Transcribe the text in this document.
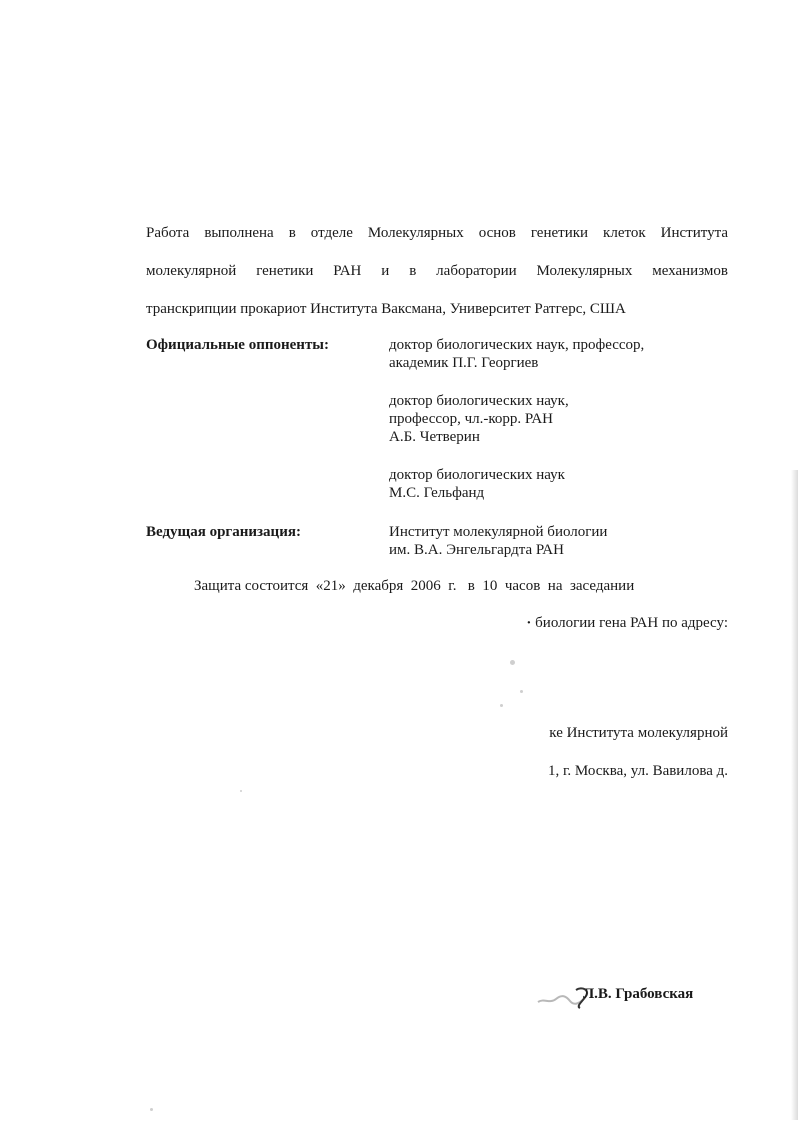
Работа выполнена в отделе Молекулярных основ генетики клеток Института
молекулярной генетики РАН и в лаборатории Молекулярных механизмов
транскрипции прокариот Института Ваксмана, Университет Ратгерс, США
Официальные оппоненты:	доктор биологических наук, профессор,
академик П.Г. Георгиев
доктор биологических наук,
профессор, чл.-корр. РАН
А.Б. Четверин
доктор биологических наук
М.С. Гельфанд
Ведущая организация:	Институт молекулярной биологии
им. В.А. Энгельгардта РАН
Защита состоится  «21»  декабря  2006  г.   в  10  часов  на  заседании
· биологии гена РАН по адресу:
ке Института молекулярной
1, г. Москва, ул. Вавилова д.
Л.В. Грабовская
